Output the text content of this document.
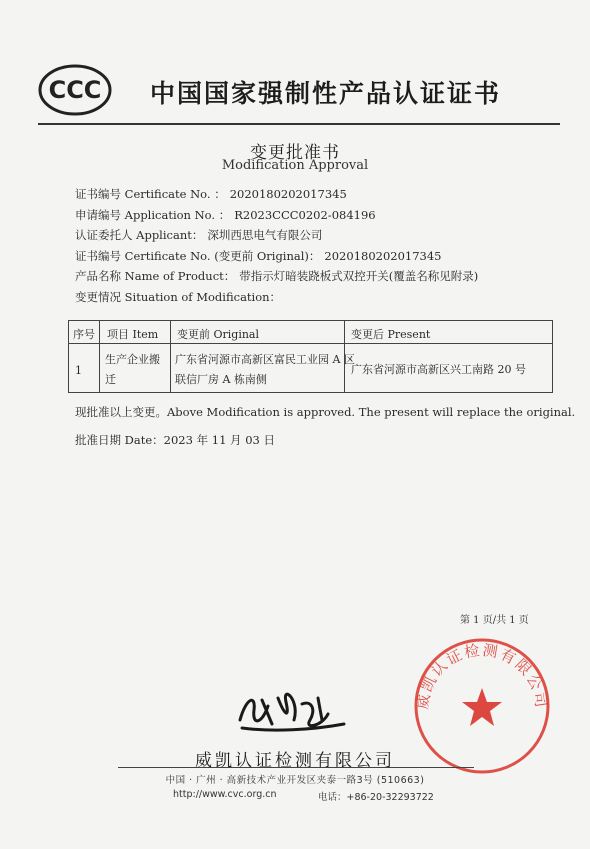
CCC 中国国家强制性产品认证证书
变更批准书
Modification Approval
证书编号 Certificate No. ： 2020180202017345
申请编号 Application No. ： R2023CCC0202-084196
认证委托人 Applicant： 深圳西思电气有限公司
证书编号 Certificate No. (变更前 Original)： 2020180202017345
产品名称 Name of Product： 带指示灯暗装跷板式双控开关(覆盖名称见附录)
变更情况 Situation of Modification：
序号 项目 Item 变更前 Original	变更后 Present
1
生产企业搬
迁
广东省河源市高新区富民工业园 A 区
联信厂房 A 栋南侧
广东省河源市高新区兴工南路 20 号
现批准以上变更。Above Modification is approved. The present will replace the original.
批准日期 Date：2023 年 11 月 03 日
第 1 页/共 1 页
威凯认证检测有限公司
威凯认证检测有限公司
中国 · 广州 · 高新技术产业开发区夹泰一路3号 (510663)
http://www.cvc.org.cn	电话：+86-20-32293722
